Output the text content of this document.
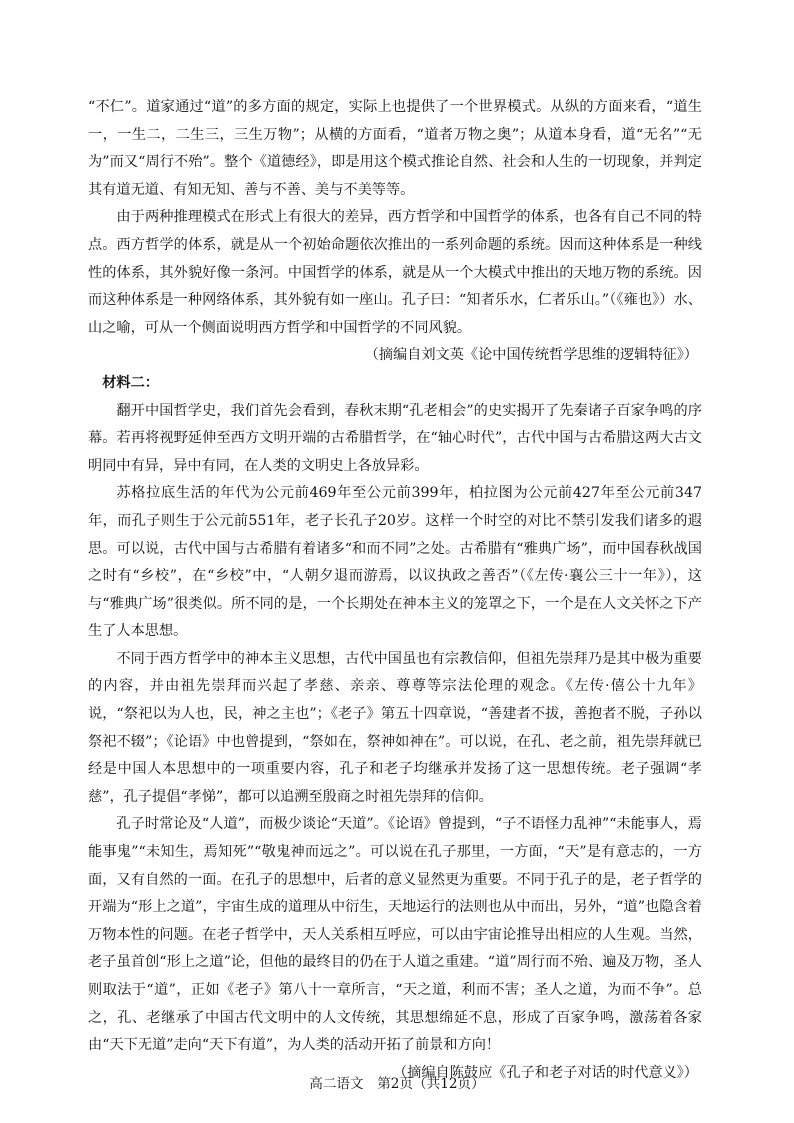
“不仁”。道家通过“道”的多方面的规定，实际上也提供了一个世界模式。从纵的方面来看，“道生一，一生二，二生三，三生万物”；从横的方面看，“道者万物之奥”；从道本身看，道“无名”“无为”而又“周行不殆”。整个《道德经》，即是用这个模式推论自然、社会和人生的一切现象，并判定其有道无道、有知无知、善与不善、美与不美等等。

由于两种推理模式在形式上有很大的差异，西方哲学和中国哲学的体系，也各有自己不同的特点。西方哲学的体系，就是从一个初始命题依次推出的一系列命题的系统。因而这种体系是一种线性的体系，其外貌好像一条河。中国哲学的体系，就是从一个大模式中推出的天地万物的系统。因而这种体系是一种网络体系，其外貌有如一座山。孔子曰：“知者乐水，仁者乐山。”（《雍也》）水、山之喻，可从一个侧面说明西方哲学和中国哲学的不同风貌。

（摘编自刘文英《论中国传统哲学思维的逻辑特征》）

材料二：

翻开中国哲学史，我们首先会看到，春秋末期“孔老相会”的史实揭开了先秦诸子百家争鸣的序幕。若再将视野延伸至西方文明开端的古希腊哲学，在“轴心时代”，古代中国与古希腊这两大古文明同中有异，异中有同，在人类的文明史上各放异彩。

苏格拉底生活的年代为公元前469年至公元前399年，柏拉图为公元前427年至公元前347年，而孔子则生于公元前551年，老子长孔子20岁。这样一个时空的对比不禁引发我们诸多的遐思。可以说，古代中国与古希腊有着诸多“和而不同”之处。古希腊有“雅典广场”，而中国春秋战国之时有“乡校”，在“乡校”中，“人朝夕退而游焉，以议执政之善否”（《左传·襄公三十一年》），这与“雅典广场”很类似。所不同的是，一个长期处在神本主义的笼罩之下，一个是在人文关怀之下产生了人本思想。

不同于西方哲学中的神本主义思想，古代中国虽也有宗教信仰，但祖先崇拜乃是其中极为重要的内容，并由祖先崇拜而兴起了孝慈、亲亲、尊尊等宗法伦理的观念。《左传·僖公十九年》说，“祭祀以为人也，民，神之主也”；《老子》第五十四章说，“善建者不拔，善抱者不脱，子孙以祭祀不辍”；《论语》中也曾提到，“祭如在，祭神如神在”。可以说，在孔、老之前，祖先崇拜就已经是中国人本思想中的一项重要内容，孔子和老子均继承并发扬了这一思想传统。老子强调“孝慈”，孔子提倡“孝悌”，都可以追溯至殷商之时祖先崇拜的信仰。

孔子时常论及“人道”，而极少谈论“天道”。《论语》曾提到，“子不语怪力乱神”“未能事人，焉能事鬼”“未知生，焉知死”“敬鬼神而远之”。可以说在孔子那里，一方面，“天”是有意志的，一方面，又有自然的一面。在孔子的思想中，后者的意义显然更为重要。不同于孔子的是，老子哲学的开端为“形上之道”，宇宙生成的道理从中衍生，天地运行的法则也从中而出，另外，“道”也隐含着万物本性的问题。在老子哲学中，天人关系相互呼应，可以由宇宙论推导出相应的人生观。当然，老子虽首创“形上之道”论，但他的最终目的仍在于人道之重建。“道”周行而不殆、遍及万物，圣人则取法于“道”，正如《老子》第八十一章所言，“天之道，利而不害；圣人之道，为而不争”。总之，孔、老继承了中国古代文明中的人文传统，其思想绵延不息，形成了百家争鸣，激荡着各家由“天下无道”走向“天下有道”，为人类的活动开拓了前景和方向！

（摘编自陈鼓应《孔子和老子对话的时代意义》）

高二语文　第2页（共12页）
